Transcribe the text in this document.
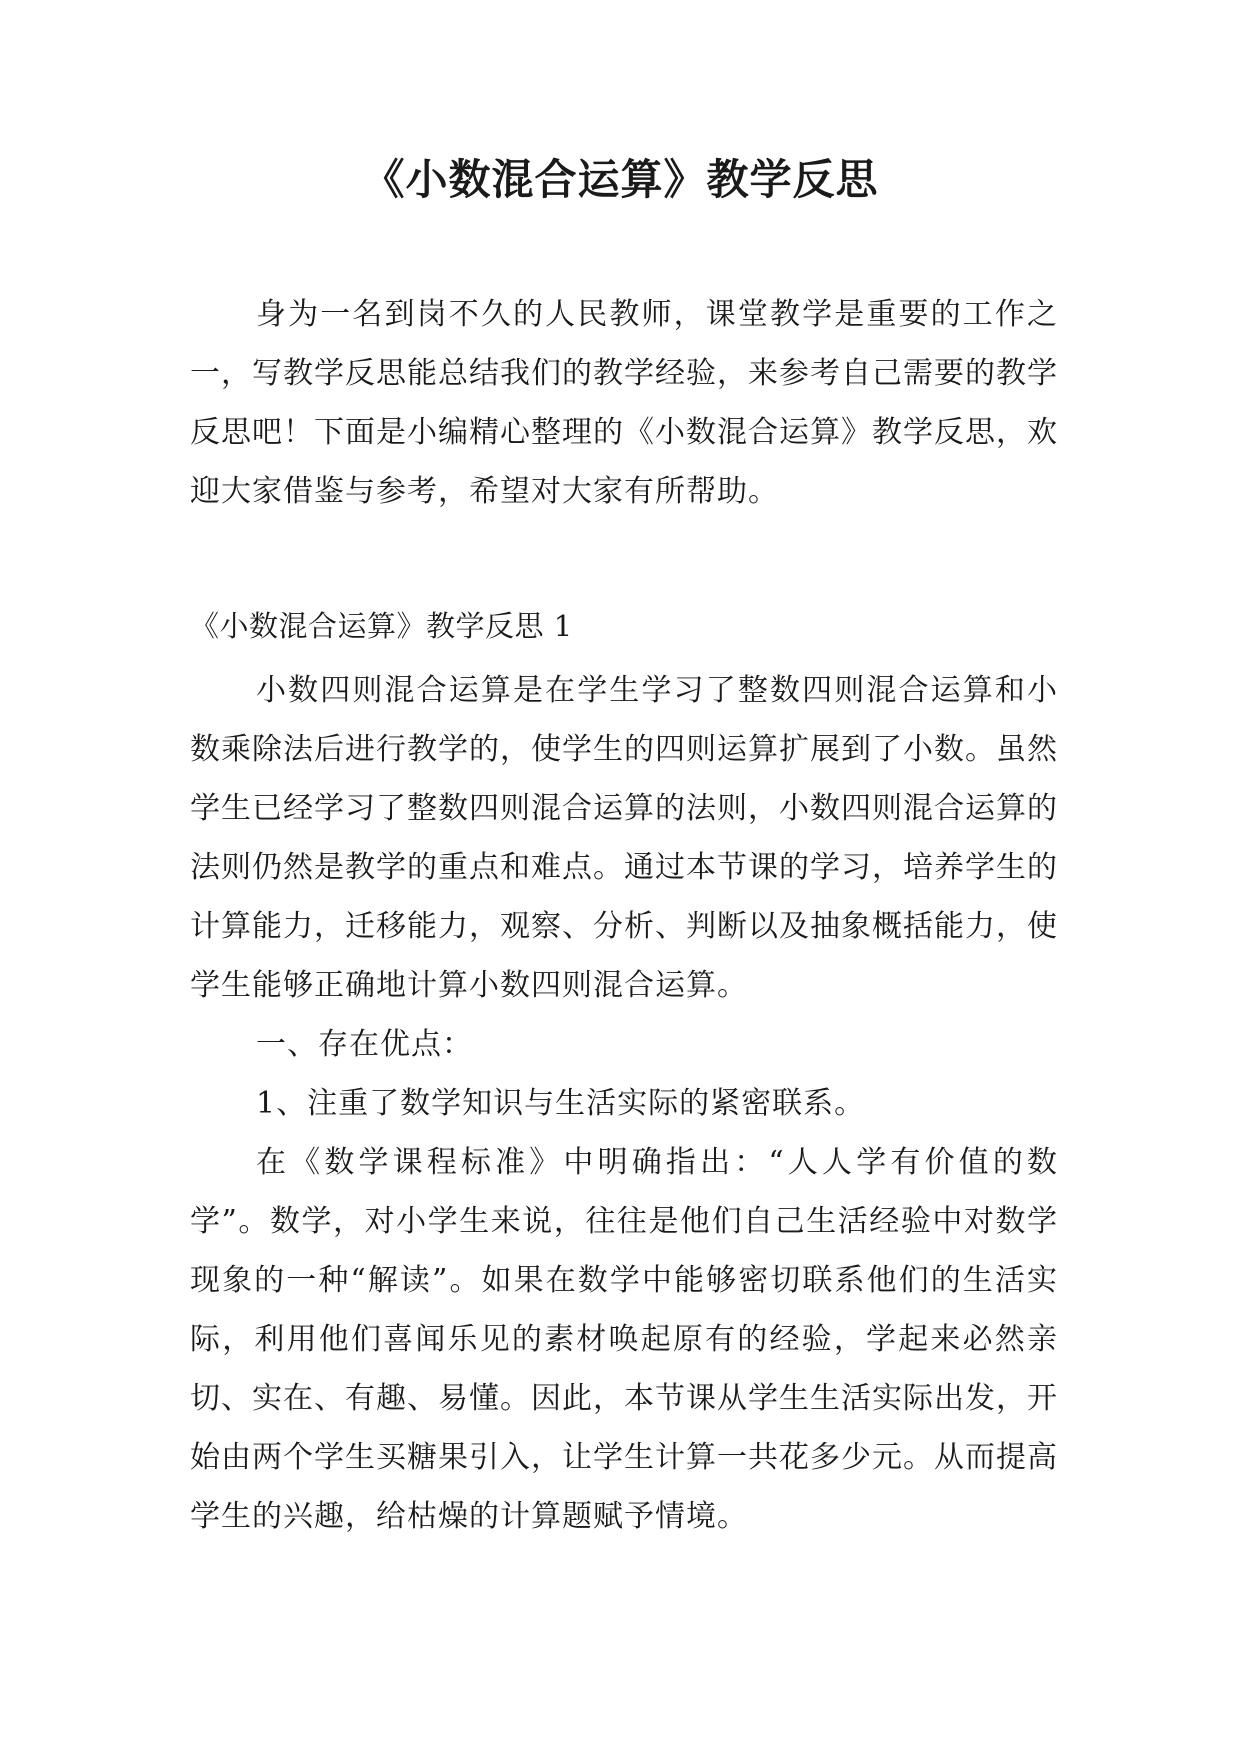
《小数混合运算》教学反思

身为一名到岗不久的人民教师，课堂教学是重要的工作之一，写教学反思能总结我们的教学经验，来参考自己需要的教学反思吧！下面是小编精心整理的《小数混合运算》教学反思，欢迎大家借鉴与参考，希望对大家有所帮助。

《小数混合运算》教学反思 1

小数四则混合运算是在学生学习了整数四则混合运算和小数乘除法后进行教学的，使学生的四则运算扩展到了小数。虽然学生已经学习了整数四则混合运算的法则，小数四则混合运算的法则仍然是教学的重点和难点。通过本节课的学习，培养学生的计算能力，迁移能力，观察、分析、判断以及抽象概括能力，使学生能够正确地计算小数四则混合运算。

一、存在优点：

1、注重了数学知识与生活实际的紧密联系。

在《数学课程标准》中明确指出：“人人学有价值的数学”。数学，对小学生来说，往往是他们自己生活经验中对数学现象的一种“解读”。如果在数学中能够密切联系他们的生活实际，利用他们喜闻乐见的素材唤起原有的经验，学起来必然亲切、实在、有趣、易懂。因此，本节课从学生生活实际出发，开始由两个学生买糖果引入，让学生计算一共花多少元。从而提高学生的兴趣，给枯燥的计算题赋予情境。
